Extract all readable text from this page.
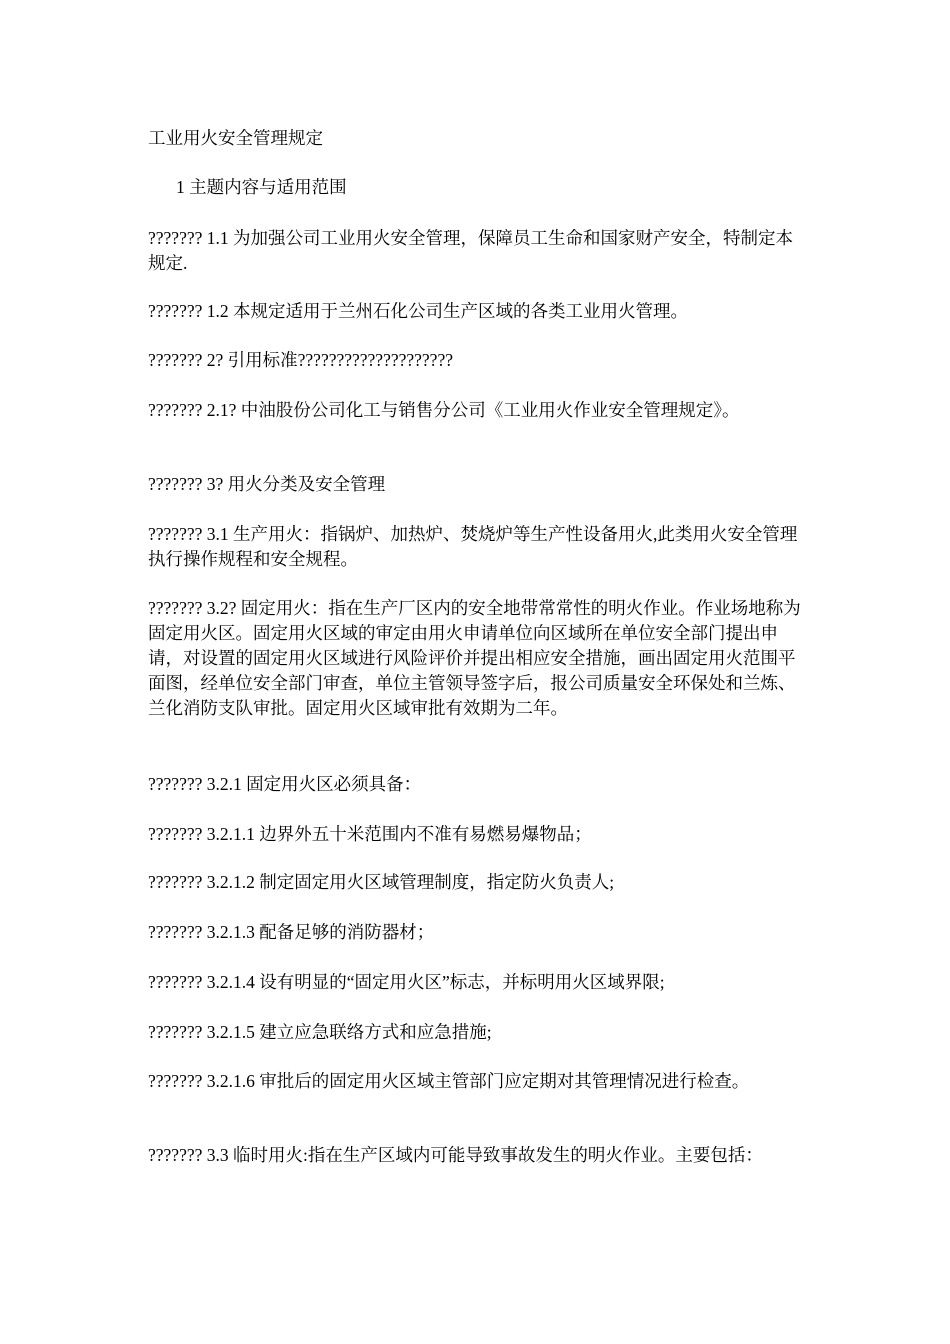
工业用火安全管理规定
1 主题内容与适用范围
??????? 1.1 为加强公司工业用火安全管理，保障员工生命和国家财产安全，特制定本规定.
??????? 1.2 本规定适用于兰州石化公司生产区域的各类工业用火管理。
??????? 2? 引用标准????????????????????
??????? 2.1? 中油股份公司化工与销售分公司《工业用火作业安全管理规定》。
??????? 3? 用火分类及安全管理
??????? 3.1 生产用火：指锅炉、加热炉、焚烧炉等生产性设备用火,此类用火安全管理执行操作规程和安全规程。
??????? 3.2? 固定用火：指在生产厂区内的安全地带常常性的明火作业。作业场地称为固定用火区。固定用火区域的审定由用火申请单位向区域所在单位安全部门提出申请，对设置的固定用火区域进行风险评价并提出相应安全措施，画出固定用火范围平面图，经单位安全部门审查，单位主管领导签字后，报公司质量安全环保处和兰炼、兰化消防支队审批。固定用火区域审批有效期为二年。
??????? 3.2.1 固定用火区必须具备：
??????? 3.2.1.1 边界外五十米范围内不准有易燃易爆物品；
??????? 3.2.1.2 制定固定用火区域管理制度，指定防火负责人;
??????? 3.2.1.3 配备足够的消防器材；
??????? 3.2.1.4 设有明显的“固定用火区”标志，并标明用火区域界限;
??????? 3.2.1.5 建立应急联络方式和应急措施;
??????? 3.2.1.6 审批后的固定用火区域主管部门应定期对其管理情况进行检查。
??????? 3.3 临时用火:指在生产区域内可能导致事故发生的明火作业。主要包括：
